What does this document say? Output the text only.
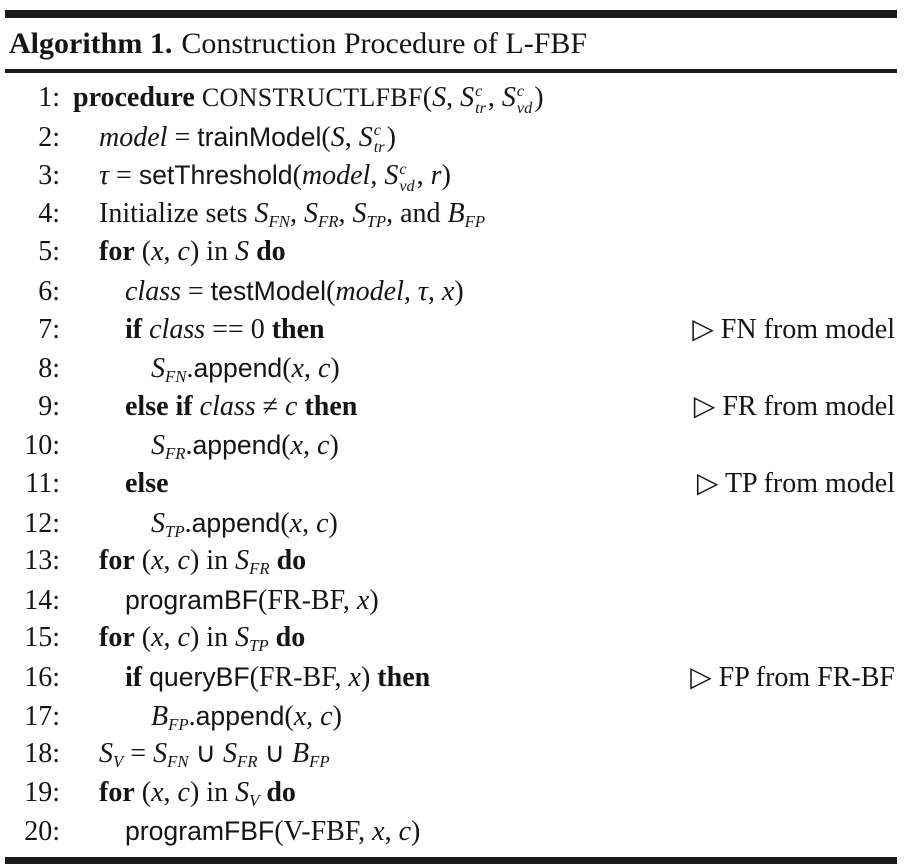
Algorithm 1. Construction Procedure of L-FBF
1: procedure CONSTRUCTLFBF(S, S c
tr , S c
vd )
2:	model = trainModel(S, S c
tr )
3:	τ = setThreshold(model, S c
vd , r)
4:	Initialize sets SFN, SFR, STP, and BFP
5:	for (x, c) in S do
6:	class = testModel(model, τ, x)
7:	if class == 0 then	▷ FN from model
8:	SFN.append(x, c)
9:	else if class ≠ c then	▷ FR from model
10:	SFR.append(x, c)
11:	else	▷ TP from model
12:	STP.append(x, c)
13:	for (x, c) in SFR do
14:	programBF(FR-BF, x)
15:	for (x, c) in STP do
16:	if queryBF(FR-BF, x) then	▷ FP from FR-BF
17:	BFP.append(x, c)
18:	SV = SFN ∪ SFR ∪ BFP
19:	for (x, c) in SV do
20:	programFBF(V-FBF, x, c)
